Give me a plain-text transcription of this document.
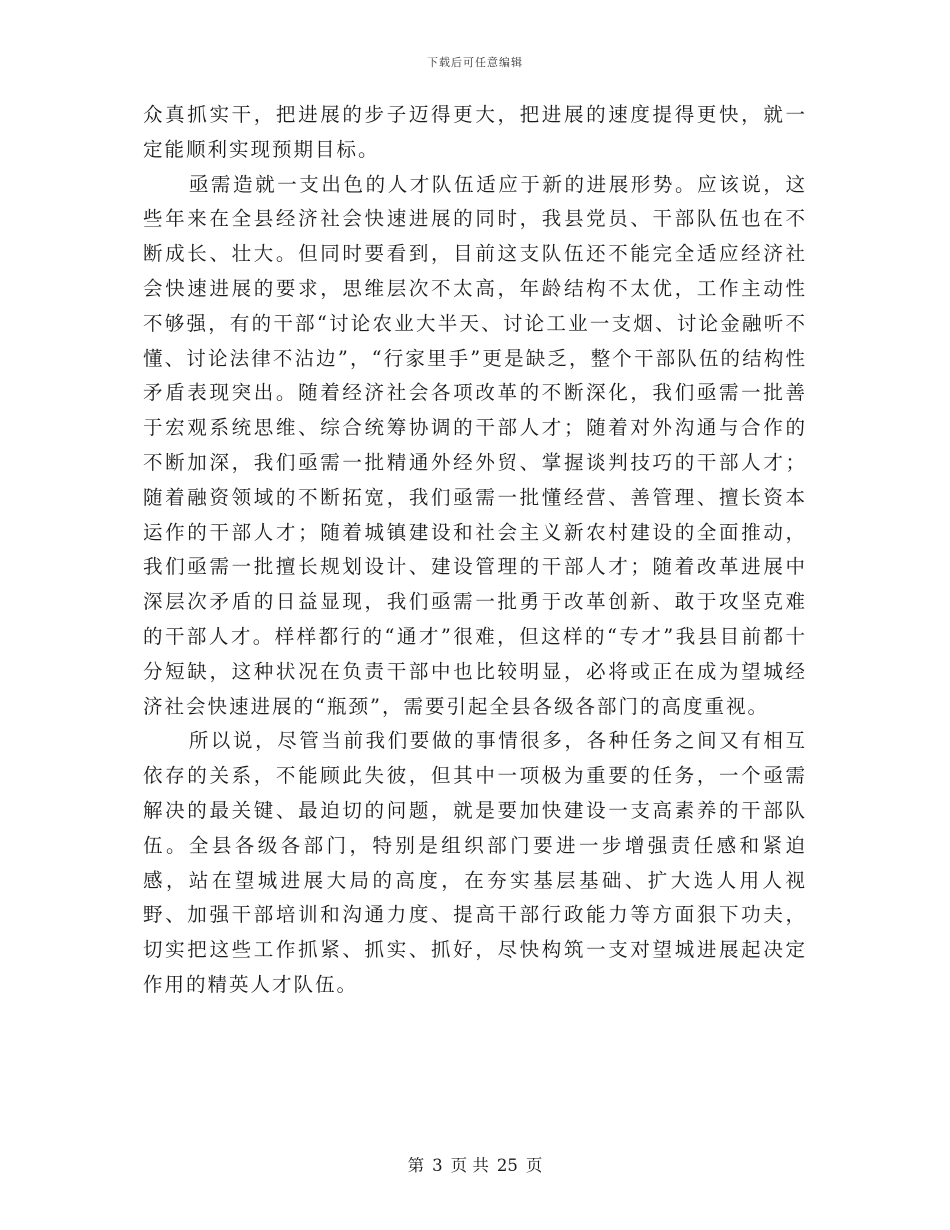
下载后可任意编辑

众真抓实干，把进展的步子迈得更大，把进展的速度提得更快，就一定能顺利实现预期目标。

亟需造就一支出色的人才队伍适应于新的进展形势。应该说，这些年来在全县经济社会快速进展的同时，我县党员、干部队伍也在不断成长、壮大。但同时要看到，目前这支队伍还不能完全适应经济社会快速进展的要求，思维层次不太高，年龄结构不太优，工作主动性不够强，有的干部“讨论农业大半天、讨论工业一支烟、讨论金融听不懂、讨论法律不沾边”，“行家里手”更是缺乏，整个干部队伍的结构性矛盾表现突出。随着经济社会各项改革的不断深化，我们亟需一批善于宏观系统思维、综合统筹协调的干部人才；随着对外沟通与合作的不断加深，我们亟需一批精通外经外贸、掌握谈判技巧的干部人才；随着融资领域的不断拓宽，我们亟需一批懂经营、善管理、擅长资本运作的干部人才；随着城镇建设和社会主义新农村建设的全面推动，我们亟需一批擅长规划设计、建设管理的干部人才；随着改革进展中深层次矛盾的日益显现，我们亟需一批勇于改革创新、敢于攻坚克难的干部人才。样样都行的“通才”很难，但这样的“专才”我县目前都十分短缺，这种状况在负责干部中也比较明显，必将或正在成为望城经济社会快速进展的“瓶颈”，需要引起全县各级各部门的高度重视。

所以说，尽管当前我们要做的事情很多，各种任务之间又有相互依存的关系，不能顾此失彼，但其中一项极为重要的任务，一个亟需解决的最关键、最迫切的问题，就是要加快建设一支高素养的干部队伍。全县各级各部门，特别是组织部门要进一步增强责任感和紧迫感，站在望城进展大局的高度，在夯实基层基础、扩大选人用人视野、加强干部培训和沟通力度、提高干部行政能力等方面狠下功夫，切实把这些工作抓紧、抓实、抓好，尽快构筑一支对望城进展起决定作用的精英人才队伍。

第 3 页 共 25 页
